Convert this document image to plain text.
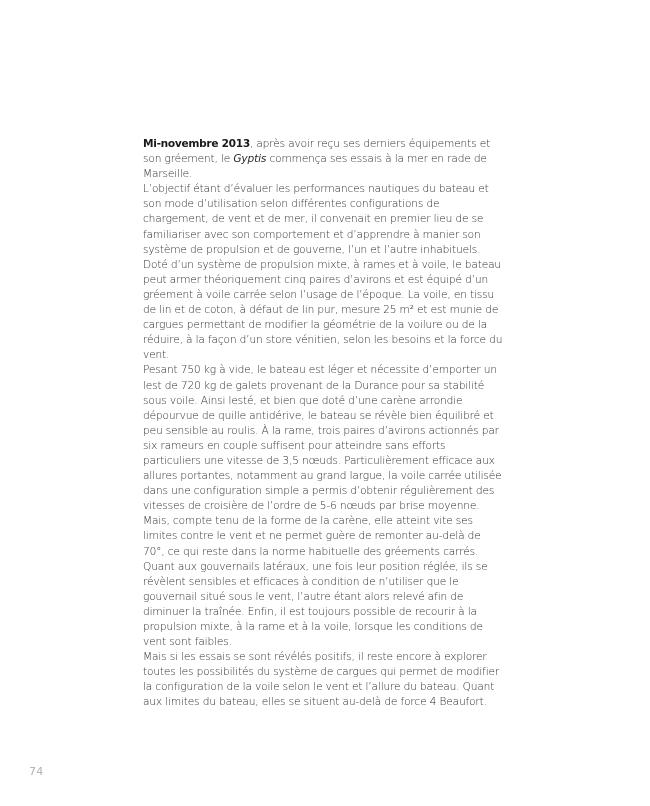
Mi-novembre 2013, après avoir reçu ses derniers équipements et son gréement, le Gyptis commença ses essais à la mer en rade de Marseille.

L’objectif étant d’évaluer les performances nautiques du bateau et son mode d’utilisation selon différentes configurations de chargement, de vent et de mer, il convenait en premier lieu de se familiariser avec son comportement et d’apprendre à manier son système de propulsion et de gouverne, l’un et l’autre inhabituels.

Doté d’un système de propulsion mixte, à rames et à voile, le bateau peut armer théoriquement cinq paires d’avirons et est équipé d’un gréement à voile carrée selon l’usage de l’époque. La voile, en tissu de lin et de coton, à défaut de lin pur, mesure 25 m² et est munie de cargues permettant de modifier la géométrie de la voilure ou de la réduire, à la façon d’un store vénitien, selon les besoins et la force du vent.

Pesant 750 kg à vide, le bateau est léger et nécessite d’emporter un lest de 720 kg de galets provenant de la Durance pour sa stabilité sous voile. Ainsi lesté, et bien que doté d’une carène arrondie dépourvue de quille antidérive, le bateau se révèle bien équilibré et peu sensible au roulis. À la rame, trois paires d’avirons actionnés par six rameurs en couple suffisent pour atteindre sans efforts particuliers une vitesse de 3,5 nœuds. Particulièrement efficace aux allures portantes, notamment au grand largue, la voile carrée utilisée dans une configuration simple a permis d’obtenir régulièrement des vitesses de croisière de l’ordre de 5-6 nœuds par brise moyenne. Mais, compte tenu de la forme de la carène, elle atteint vite ses limites contre le vent et ne permet guère de remonter au-delà de 70°, ce qui reste dans la norme habituelle des gréements carrés. Quant aux gouvernails latéraux, une fois leur position réglée, ils se révèlent sensibles et efficaces à condition de n’utiliser que le gouvernail situé sous le vent, l’autre étant alors relevé afin de diminuer la traînée. Enfin, il est toujours possible de recourir à la propulsion mixte, à la rame et à la voile, lorsque les conditions de vent sont faibles.

Mais si les essais se sont révélés positifs, il reste encore à explorer toutes les possibilités du système de cargues qui permet de modifier la configuration de la voile selon le vent et l’allure du bateau. Quant aux limites du bateau, elles se situent au-delà de force 4 Beaufort.

74
